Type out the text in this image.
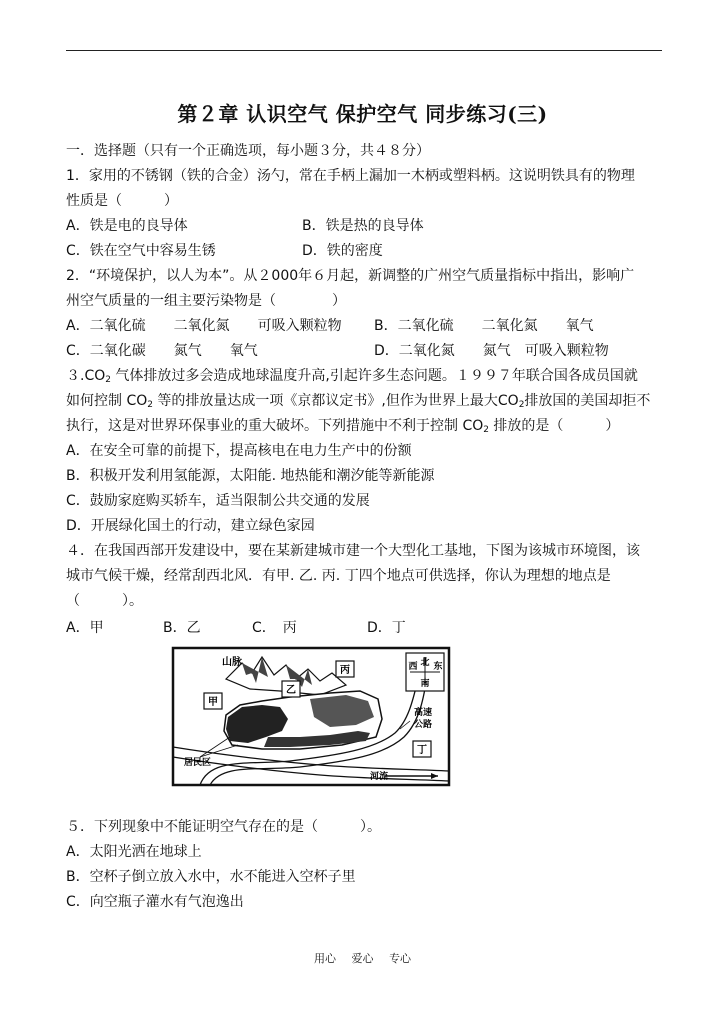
第２章 认识空气 保护空气 同步练习(三)
一．选择题（只有一个正确选项，每小题３分，共４８分）
1．家用的不锈钢（铁的合金）汤勺，常在手柄上漏加一木柄或塑料柄。这说明铁具有的物理
性质是（　　　）
A．铁是电的良导体	B．铁是热的良导体
C．铁在空气中容易生锈	D．铁的密度
2．“环境保护，以人为本”。从２000年６月起，新调整的广州空气质量指标中指出，影响广
州空气质量的一组主要污染物是（　　　　）
A．二氧化硫　　二氧化氮　　可吸入颗粒物 B．二氧化硫　　二氧化氮　　氧气
C．二氧化碳　　氮气　　氧气	D．二氧化氮　　氮气　可吸入颗粒物
$3.CO_2$ 气体排放过多会造成地球温度升高,引起许多生态问题。１９９７年联合国各成员国就
如何控制 $CO_2$ 等的排放量达成一项《京都议定书》,但作为世界上最大$CO_2$排放国的美国却拒不
执行，这是对世界环保事业的重大破坏。下列措施中不利于控制 $CO_2$ 排放的是（　　　）
A．在安全可靠的前提下，提高核电在电力生产中的份额
B．积极开发利用氢能源，太阳能. 地热能和潮汐能等新能源
C．鼓励家庭购买轿车，适当限制公共交通的发展
D．开展绿化国土的行动，建立绿色家园
４．在我国西部开发建设中，要在某新建城市建一个大型化工基地，下图为该城市环境图，该
城市气候干燥，经常刮西北风．有甲. 乙. 丙. 丁四个地点可供选择，你认为理想的地点是
（　　　）。
A．甲	B．乙	C．　丙	D．丁
北
西 东
南
山脉
丙
乙
甲
丁
高速
公路
居民区
河流
５．下列现象中不能证明空气存在的是（　　　）。
A．太阳光洒在地球上
B．空杯子倒立放入水中，水不能进入空杯子里
C．向空瓶子灌水有气泡逸出
用心 爱心 专心
